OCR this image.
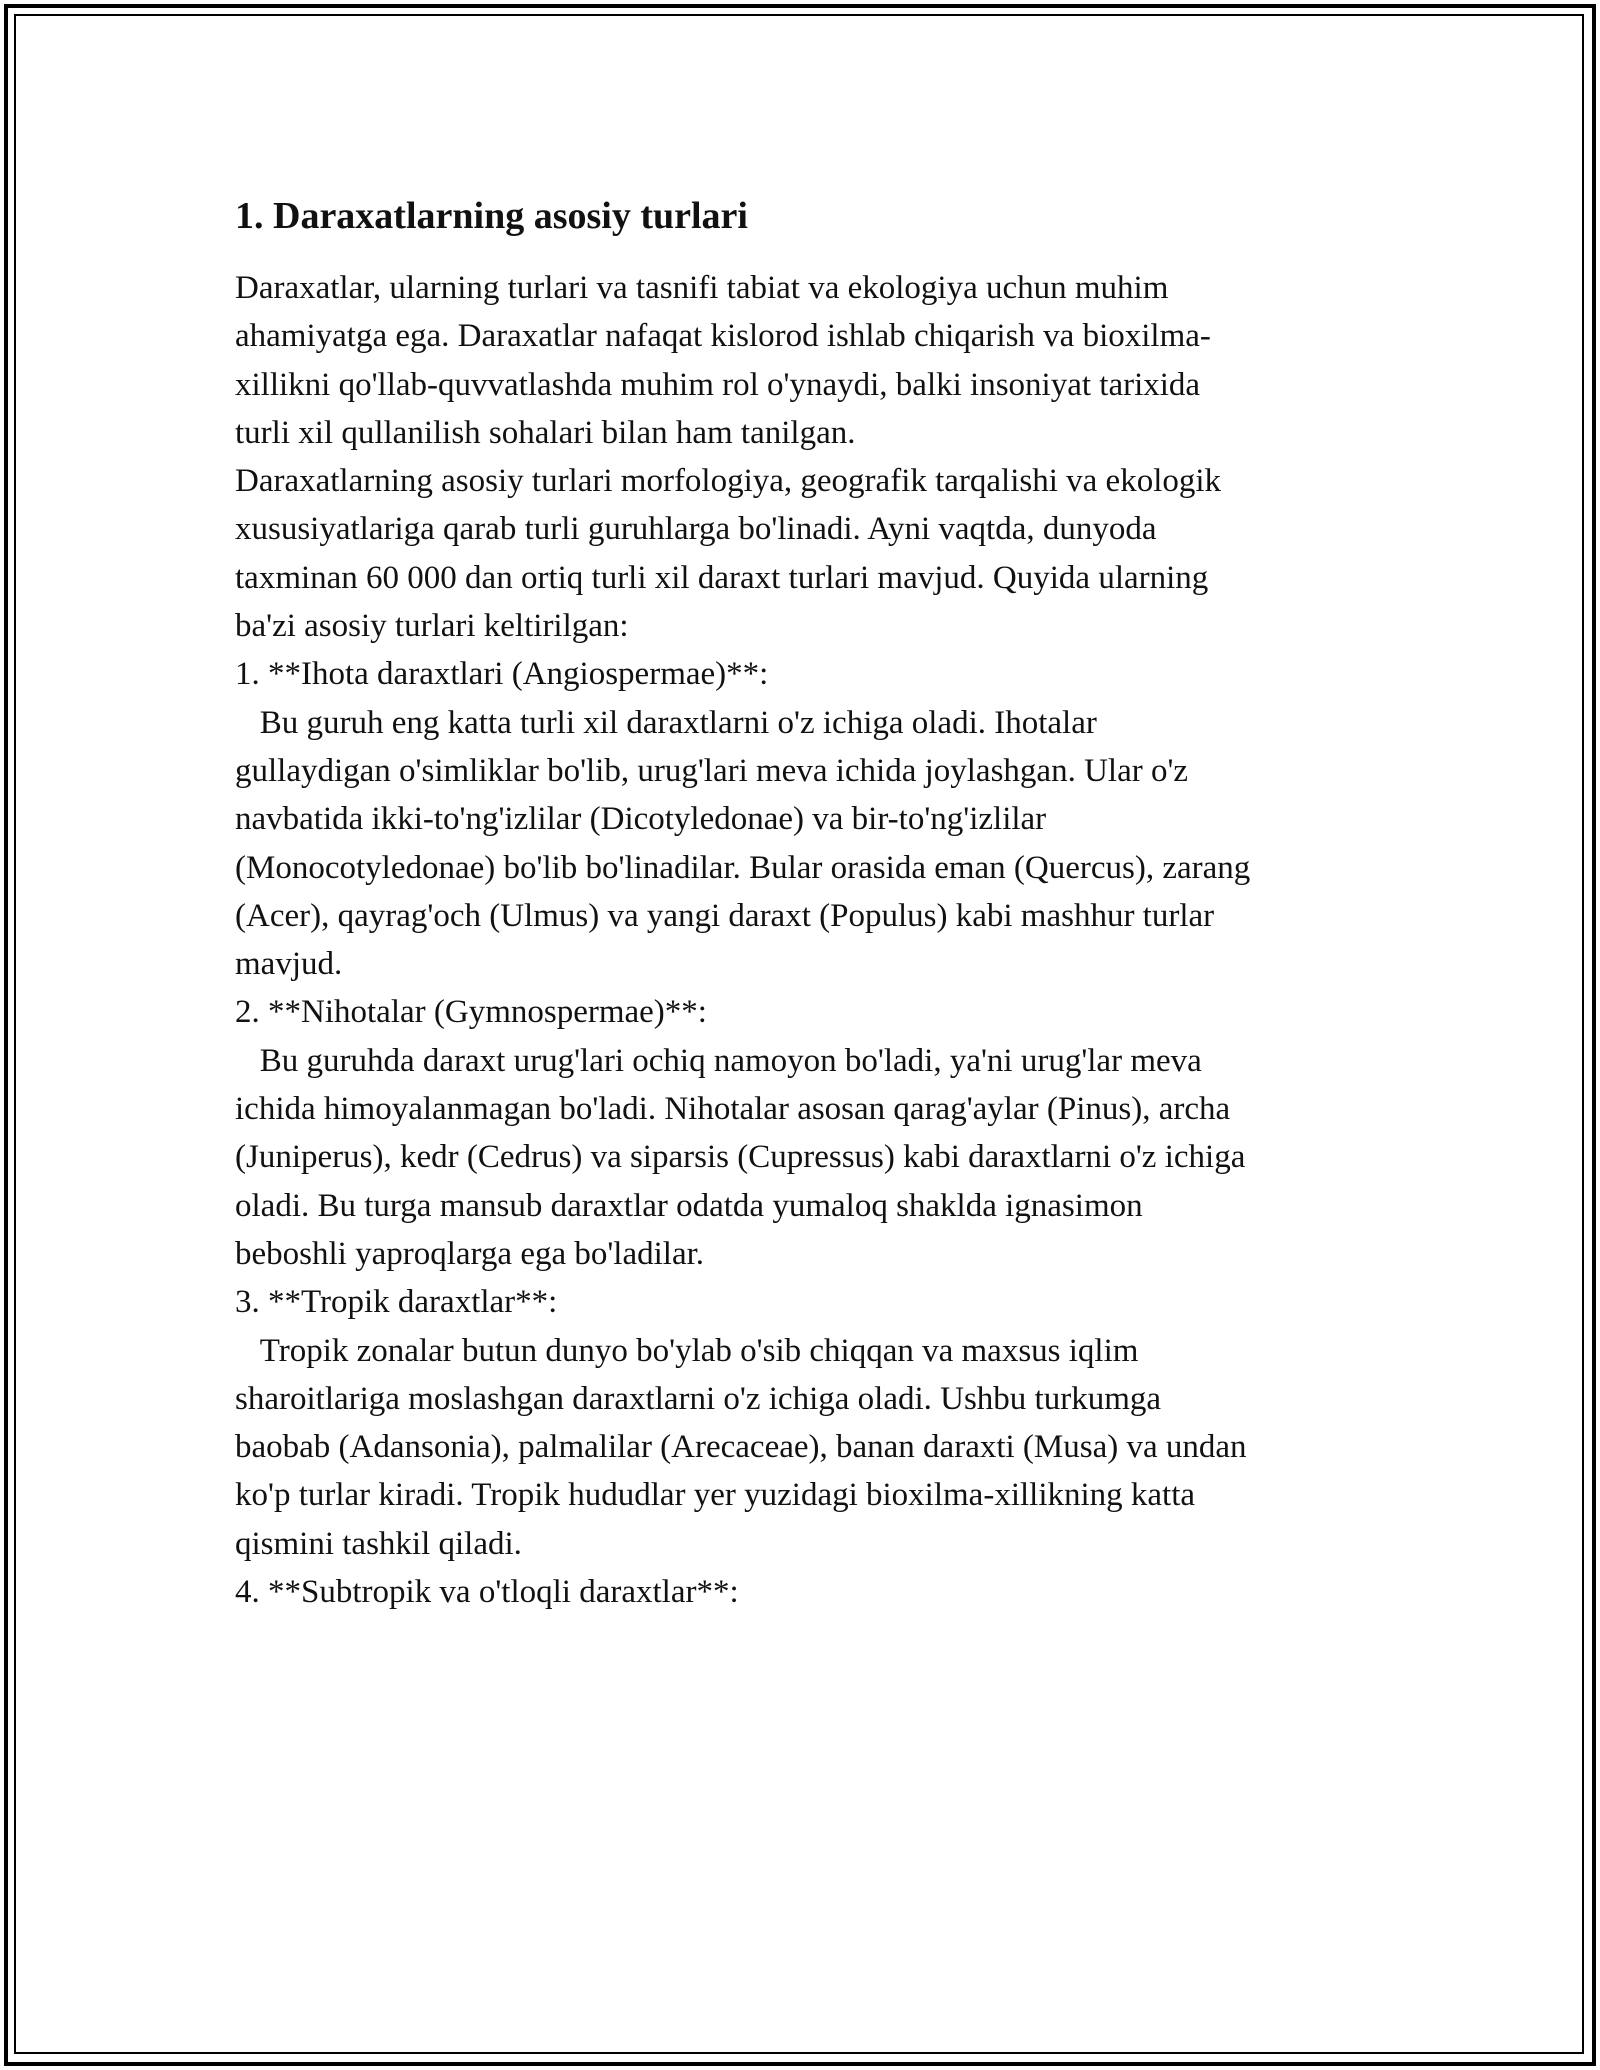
1. Daraxatlarning asosiy turlari

Daraxatlar, ularning turlari va tasnifi tabiat va ekologiya uchun muhim
ahamiyatga ega. Daraxatlar nafaqat kislorod ishlab chiqarish va bioxilma-
xillikni qo'llab-quvvatlashda muhim rol o'ynaydi, balki insoniyat tarixida
turli xil qullanilish sohalari bilan ham tanilgan.

Daraxatlarning asosiy turlari morfologiya, geografik tarqalishi va ekologik
xususiyatlariga qarab turli guruhlarga bo'linadi. Ayni vaqtda, dunyoda
taxminan 60 000 dan ortiq turli xil daraxt turlari mavjud. Quyida ularning
ba'zi asosiy turlari keltirilgan:

1. **Ihota daraxtlari (Angiospermae)**:
Bu guruh eng katta turli xil daraxtlarni o'z ichiga oladi. Ihotalar
gullaydigan o'simliklar bo'lib, urug'lari meva ichida joylashgan. Ular o'z
navbatida ikki-to'ng'izlilar (Dicotyledonae) va bir-to'ng'izlilar
(Monocotyledonae) bo'lib bo'linadilar. Bular orasida eman (Quercus), zarang
(Acer), qayrag'och (Ulmus) va yangi daraxt (Populus) kabi mashhur turlar
mavjud.

2. **Nihotalar (Gymnospermae)**:
Bu guruhda daraxt urug'lari ochiq namoyon bo'ladi, ya'ni urug'lar meva
ichida himoyalanmagan bo'ladi. Nihotalar asosan qarag'aylar (Pinus), archa
(Juniperus), kedr (Cedrus) va siparsis (Cupressus) kabi daraxtlarni o'z ichiga
oladi. Bu turga mansub daraxtlar odatda yumaloq shaklda ignasimon
beboshli yaproqlarga ega bo'ladilar.

3. **Tropik daraxtlar**:
Tropik zonalar butun dunyo bo'ylab o'sib chiqqan va maxsus iqlim
sharoitlariga moslashgan daraxtlarni o'z ichiga oladi. Ushbu turkumga
baobab (Adansonia), palmalilar (Arecaceae), banan daraxti (Musa) va undan
ko'p turlar kiradi. Tropik hududlar yer yuzidagi bioxilma-xillikning katta
qismini tashkil qiladi.

4. **Subtropik va o'tloqli daraxtlar**:
